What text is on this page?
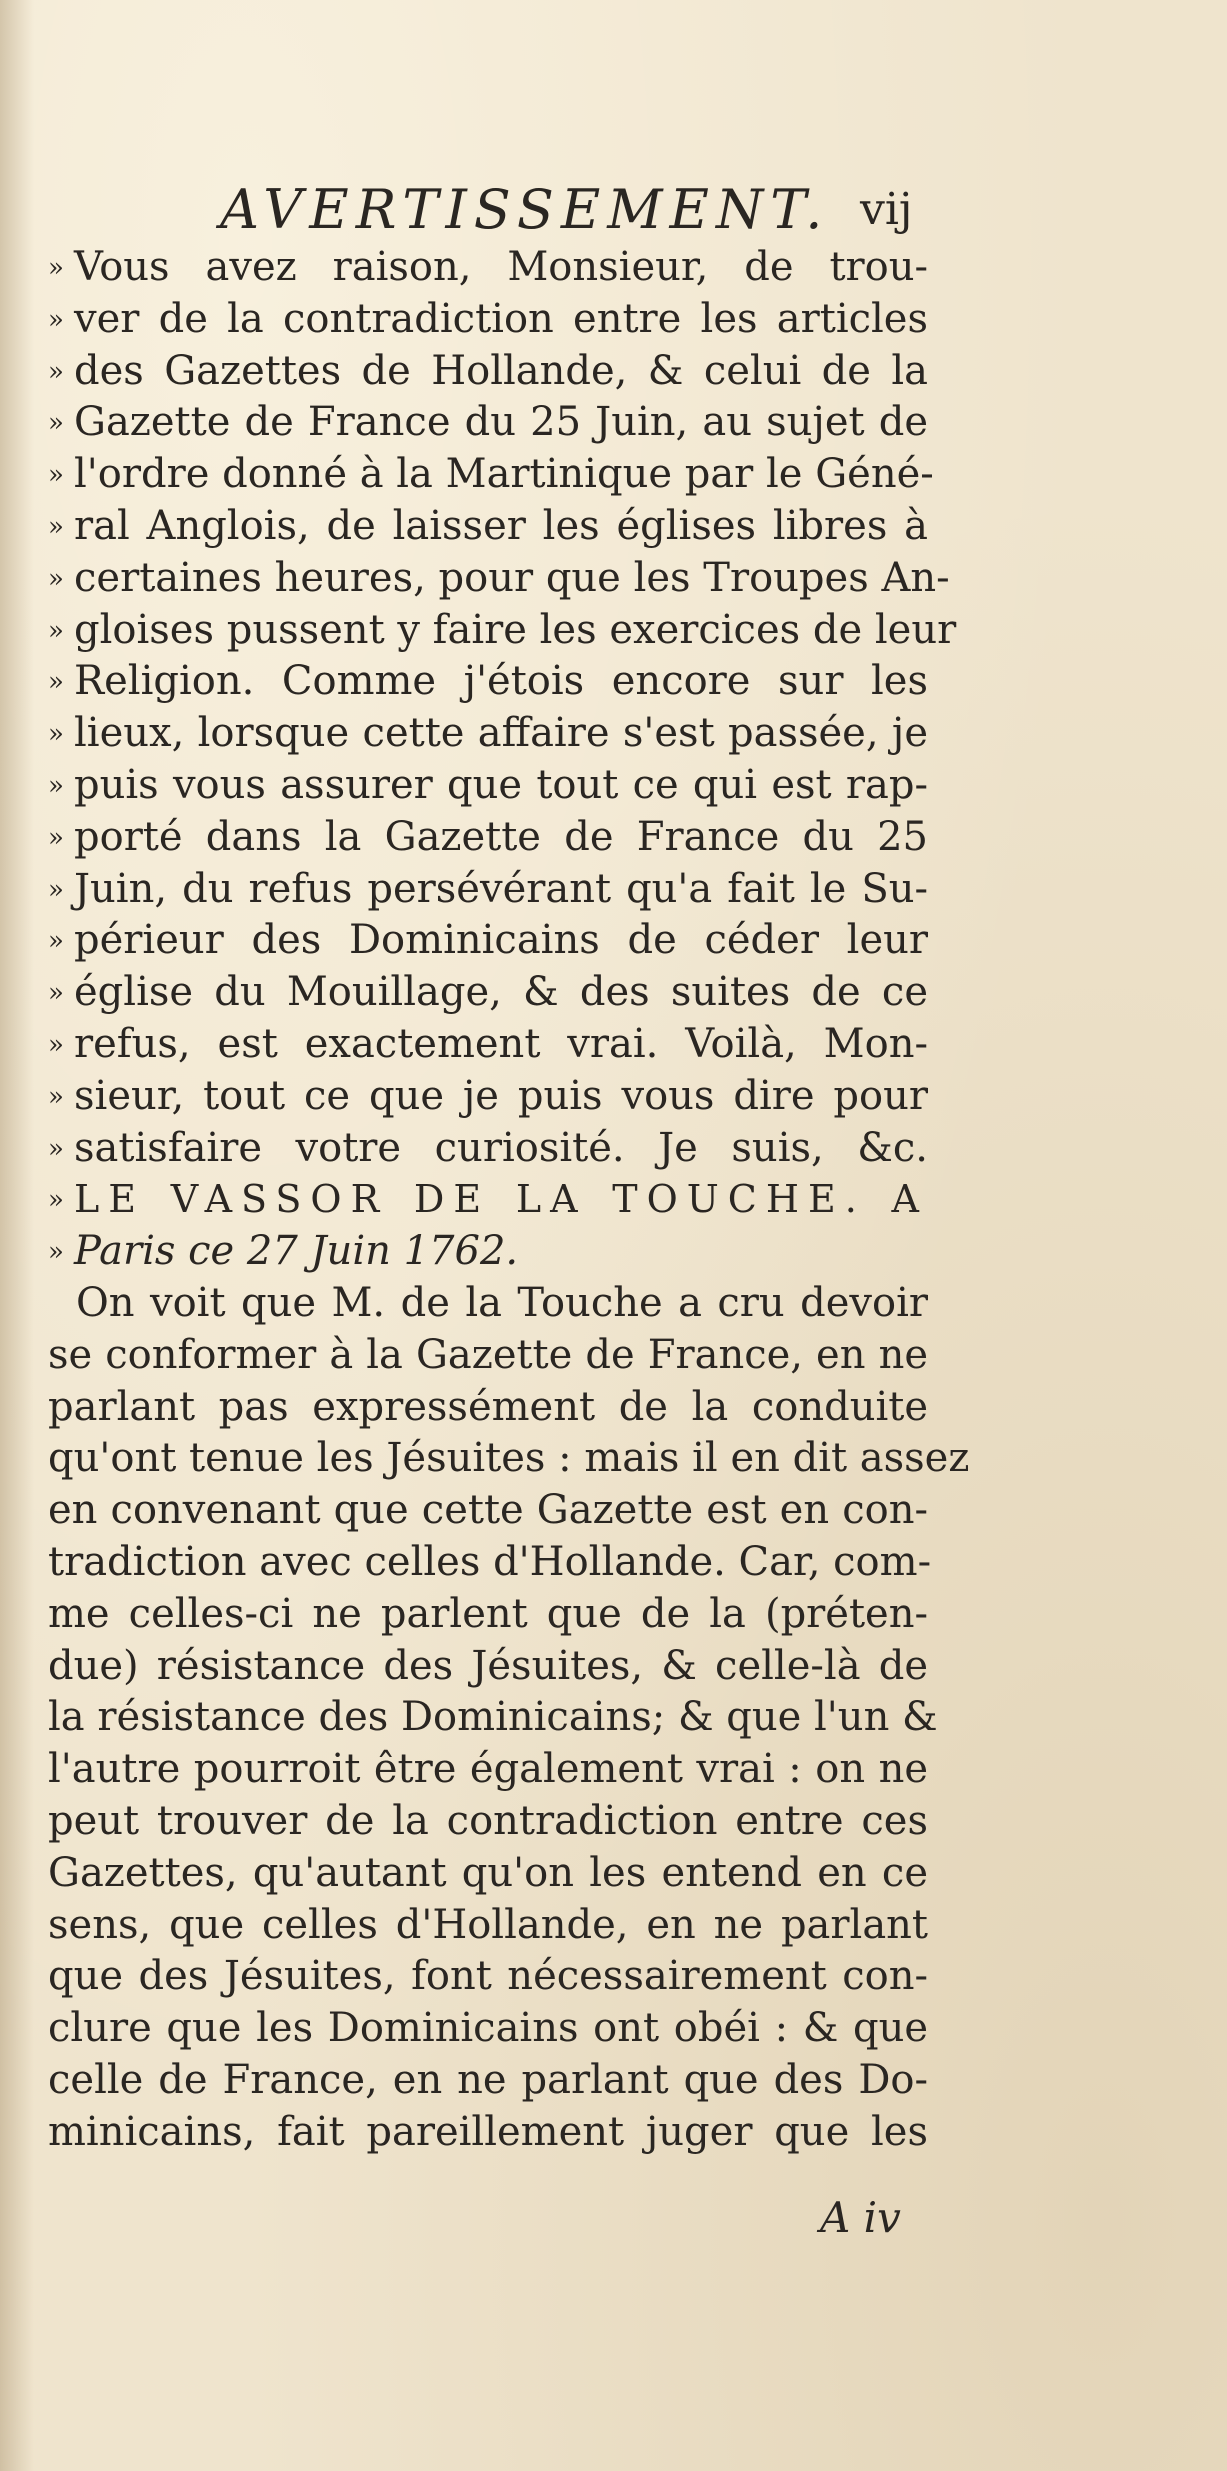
AVERTISSEMENT. vij
» Vous avez raison, Monsieur, de trou-
» ver de la contradiction entre les articles
» des Gazettes de Hollande, & celui de la
» Gazette de France du 25 Juin, au sujet de
» l'ordre donné à la Martinique par le Géné-
» ral Anglois, de laisser les églises libres à
» certaines heures, pour que les Troupes An-
» gloises pussent y faire les exercices de leur
» Religion. Comme j'étois encore sur les
» lieux, lorsque cette affaire s'est passée, je
» puis vous assurer que tout ce qui est rap-
» porté dans la Gazette de France du 25
» Juin, du refus persévérant qu'a fait le Su-
» périeur des Dominicains de céder leur
» église du Mouillage, & des suites de ce
» refus, est exactement vrai. Voilà, Mon-
» sieur, tout ce que je puis vous dire pour
» satisfaire votre curiosité. Je suis, &c.
»LE VASSOR DE LA TOUCHE. A
» Paris ce 27 Juin 1762.
On voit que M. de la Touche a cru devoir
se conformer à la Gazette de France, en ne
parlant pas expressément de la conduite
qu'ont tenue les Jésuites : mais il en dit assez
en convenant que cette Gazette est en con-
tradiction avec celles d'Hollande. Car, com-
me celles-ci ne parlent que de la (préten-
due) résistance des Jésuites, & celle-là de
la résistance des Dominicains; & que l'un &
l'autre pourroit être également vrai : on ne
peut trouver de la contradiction entre ces
Gazettes, qu'autant qu'on les entend en ce
sens, que celles d'Hollande, en ne parlant
que des Jésuites, font nécessairement con-
clure que les Dominicains ont obéi : & que
celle de France, en ne parlant que des Do-
minicains, fait pareillement juger que les
A iv
